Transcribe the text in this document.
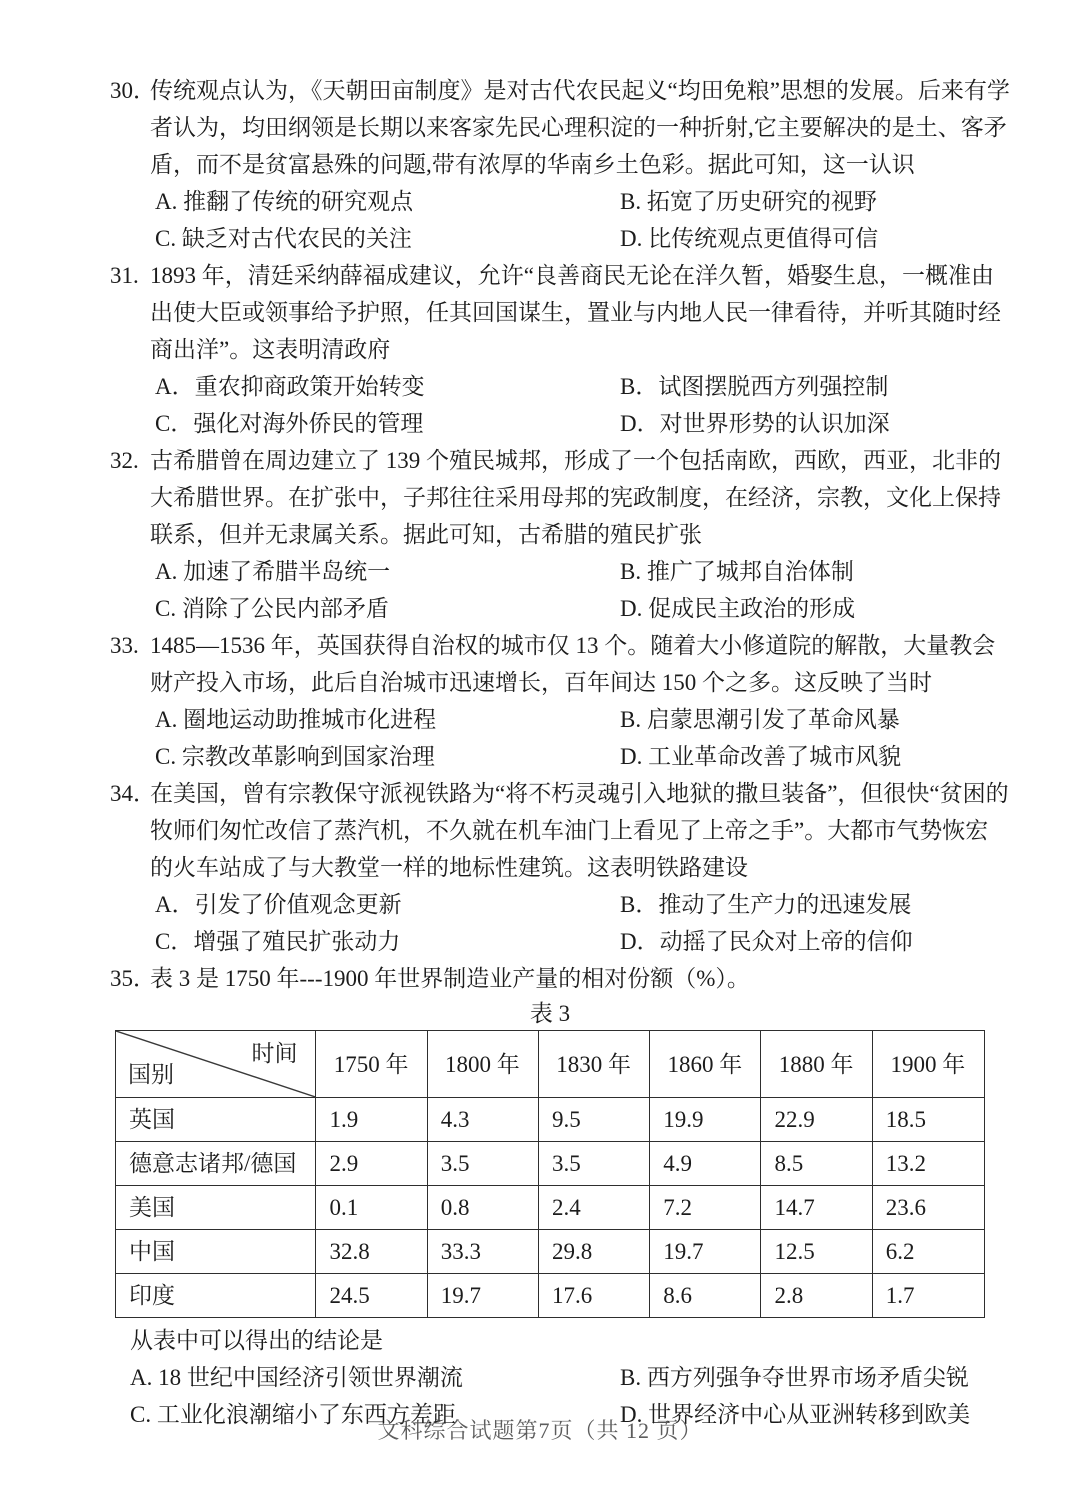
30．传统观点认为，《天朝田亩制度》是对古代农民起义“均田免粮”思想的发展。后来有学者认为，均田纲领是长期以来客家先民心理积淀的一种折射,它主要解决的是土、客矛盾，而不是贫富悬殊的问题,带有浓厚的华南乡土色彩。据此可知，这一认识
A. 推翻了传统的研究观点	B. 拓宽了历史研究的视野
C. 缺乏对古代农民的关注	D. 比传统观点更值得可信
31. 1893 年，清廷采纳薛福成建议，允许“良善商民无论在洋久暂，婚娶生息，一概准由出使大臣或领事给予护照，任其回国谋生，置业与内地人民一律看待，并听其随时经商出洋”。这表明清政府
A．重农抑商政策开始转变	B．试图摆脱西方列强控制
C．强化对海外侨民的管理	D．对世界形势的认识加深
32. 古希腊曾在周边建立了 139 个殖民城邦，形成了一个包括南欧，西欧，西亚，北非的大希腊世界。在扩张中，子邦往往采用母邦的宪政制度，在经济，宗教，文化上保持联系，但并无隶属关系。据此可知，古希腊的殖民扩张
A. 加速了希腊半岛统一	B. 推广了城邦自治体制
C. 消除了公民内部矛盾	D. 促成民主政治的形成
33. 1485—1536 年，英国获得自治权的城市仅 13 个。随着大小修道院的解散，大量教会财产投入市场，此后自治城市迅速增长，百年间达 150 个之多。这反映了当时
A. 圈地运动助推城市化进程	B. 启蒙思潮引发了革命风暴
C. 宗教改革影响到国家治理	D. 工业革命改善了城市风貌
34．在美国，曾有宗教保守派视铁路为“将不朽灵魂引入地狱的撒旦装备”，但很快“贫困的牧师们匆忙改信了蒸汽机，不久就在机车油门上看见了上帝之手”。大都市气势恢宏的火车站成了与大教堂一样的地标性建筑。这表明铁路建设
A．引发了价值观念更新	B．推动了生产力的迅速发展
C．增强了殖民扩张动力	D．动摇了民众对上帝的信仰
35．表 3 是 1750 年---1900 年世界制造业产量的相对份额（%）。
表 3
时间
国别	1750 年	1800 年	1830 年	1860 年	1880 年	1900 年
英国	1.9	4.3	9.5	19.9	22.9	18.5
德意志诸邦/德国	2.9	3.5	3.5	4.9	8.5	13.2
美国	0.1	0.8	2.4	7.2	14.7	23.6
中国	32.8	33.3	29.8	19.7	12.5	6.2
印度	24.5	19.7	17.6	8.6	2.8	1.7
从表中可以得出的结论是
A. 18 世纪中国经济引领世界潮流	B. 西方列强争夺世界市场矛盾尖锐
C. 工业化浪潮缩小了东西方差距	D. 世界经济中心从亚洲转移到欧美
文科综合试题第7页（共 12 页）
